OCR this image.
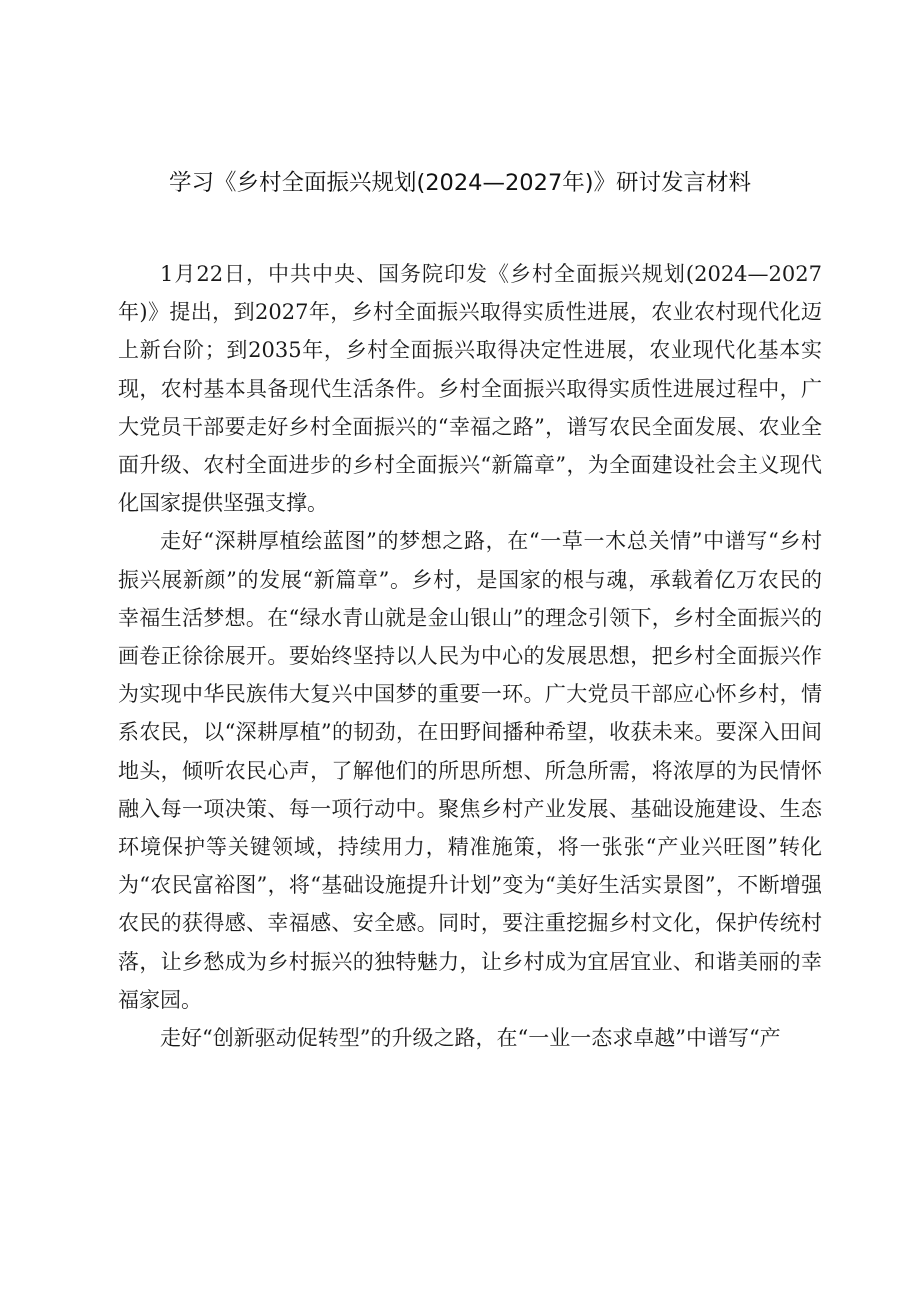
学习《乡村全面振兴规划(2024—2027年)》研讨发言材料

1月22日，中共中央、国务院印发《乡村全面振兴规划(2024—2027年)》提出，到2027年，乡村全面振兴取得实质性进展，农业农村现代化迈上新台阶；到2035年，乡村全面振兴取得决定性进展，农业现代化基本实现，农村基本具备现代生活条件。乡村全面振兴取得实质性进展过程中，广大党员干部要走好乡村全面振兴的“幸福之路”，谱写农民全面发展、农业全面升级、农村全面进步的乡村全面振兴“新篇章”，为全面建设社会主义现代化国家提供坚强支撑。

走好“深耕厚植绘蓝图”的梦想之路，在“一草一木总关情”中谱写“乡村振兴展新颜”的发展“新篇章”。乡村，是国家的根与魂，承载着亿万农民的幸福生活梦想。在“绿水青山就是金山银山”的理念引领下，乡村全面振兴的画卷正徐徐展开。要始终坚持以人民为中心的发展思想，把乡村全面振兴作为实现中华民族伟大复兴中国梦的重要一环。广大党员干部应心怀乡村，情系农民，以“深耕厚植”的韧劲，在田野间播种希望，收获未来。要深入田间地头，倾听农民心声，了解他们的所思所想、所急所需，将浓厚的为民情怀融入每一项决策、每一项行动中。聚焦乡村产业发展、基础设施建设、生态环境保护等关键领域，持续用力，精准施策，将一张张“产业兴旺图”转化为“农民富裕图”，将“基础设施提升计划”变为“美好生活实景图”，不断增强农民的获得感、幸福感、安全感。同时，要注重挖掘乡村文化，保护传统村落，让乡愁成为乡村振兴的独特魅力，让乡村成为宜居宜业、和谐美丽的幸福家园。

走好“创新驱动促转型”的升级之路，在“一业一态求卓越”中谱写“产
